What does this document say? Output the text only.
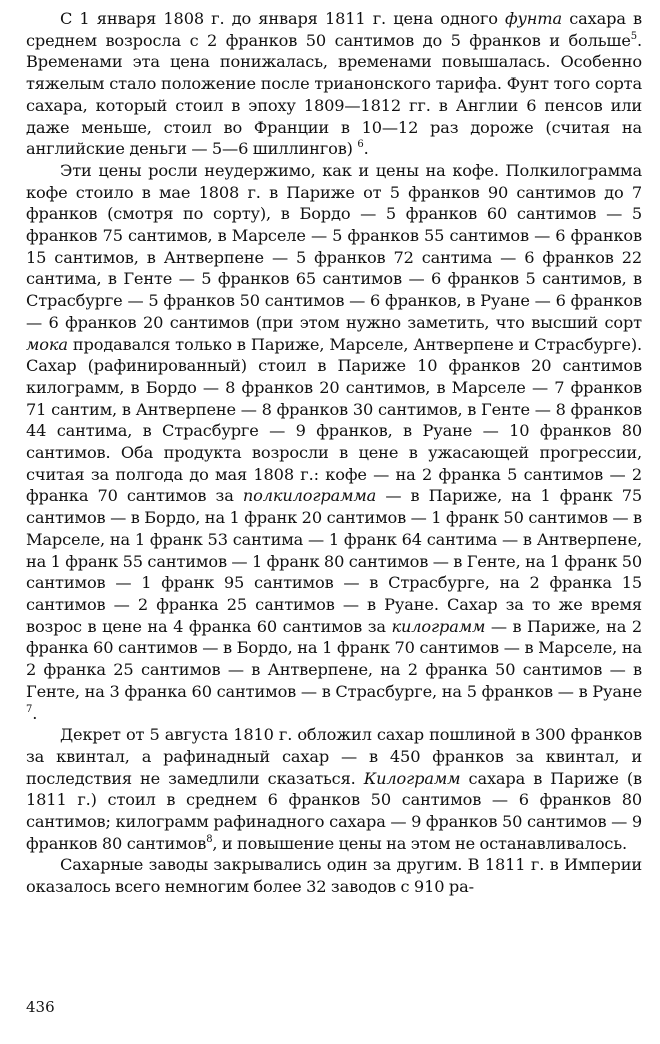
С 1 января 1808 г. до января 1811 г. цена одного фунта сахара в среднем возросла с 2 франков 50 сантимов до 5 франков и больше$^5$. Временами эта цена понижалась, временами повышалась. Особенно тяжелым стало положение после трианонского тарифа. Фунт того сорта сахара, который стоил в эпоху 1809—1812 гг. в Англии 6 пенсов или даже меньше, стоил во Франции в 10—12 раз дороже (считая на английские деньги — 5—6 шиллингов) $^6$.

Эти цены росли неудержимо, как и цены на кофе. Полкилограмма кофе стоило в мае 1808 г. в Париже от 5 франков 90 сантимов до 7 франков (смотря по сорту), в Бордо — 5 франков 60 сантимов — 5 франков 75 сантимов, в Марселе — 5 франков 55 сантимов — 6 франков 15 сантимов, в Антверпене — 5 франков 72 сантима — 6 франков 22 сантима, в Генте — 5 франков 65 сантимов — 6 франков 5 сантимов, в Страсбурге — 5 франков 50 сантимов — 6 франков, в Руане — 6 франков — 6 франков 20 сантимов (при этом нужно заметить, что высший сорт мока продавался только в Париже, Марселе, Антверпене и Страсбурге). Сахар (рафинированный) стоил в Париже 10 франков 20 сантимов килограмм, в Бордо — 8 франков 20 сантимов, в Марселе — 7 франков 71 сантим, в Антверпене — 8 франков 30 сантимов, в Генте — 8 франков 44 сантима, в Страсбурге — 9 франков, в Руане — 10 франков 80 сантимов. Оба продукта возросли в цене в ужасающей прогрессии, считая за полгода до мая 1808 г.: кофе — на 2 франка 5 сантимов — 2 франка 70 сантимов за полкилограмма — в Париже, на 1 франк 75 сантимов — в Бордо, на 1 франк 20 сантимов — 1 франк 50 сантимов — в Марселе, на 1 франк 53 сантима — 1 франк 64 сантима — в Антверпене, на 1 франк 55 сантимов — 1 франк 80 сантимов — в Генте, на 1 франк 50 сантимов — 1 франк 95 сантимов — в Страсбурге, на 2 франка 15 сантимов — 2 франка 25 сантимов — в Руане. Сахар за то же время возрос в цене на 4 франка 60 сантимов за килограмм — в Париже, на 2 франка 60 сантимов — в Бордо, на 1 франк 70 сантимов — в Марселе, на 2 франка 25 сантимов — в Антверпене, на 2 франка 50 сантимов — в Генте, на 3 франка 60 сантимов — в Страсбурге, на 5 франков — в Руане $^7$.

Декрет от 5 августа 1810 г. обложил сахар пошлиной в 300 франков за квинтал, а рафинадный сахар — в 450 франков за квинтал, и последствия не замедлили сказаться. Килограмм сахара в Париже (в 1811 г.) стоил в среднем 6 франков 50 сантимов — 6 франков 80 сантимов; килограмм рафинадного сахара — 9 франков 50 сантимов — 9 франков 80 сантимов$^8$, и повышение цены на этом не останавливалось.

Сахарные заводы закрывались один за другим. В 1811 г. в Империи оказалось всего немногим более 32 заводов с 910 ра-

436
